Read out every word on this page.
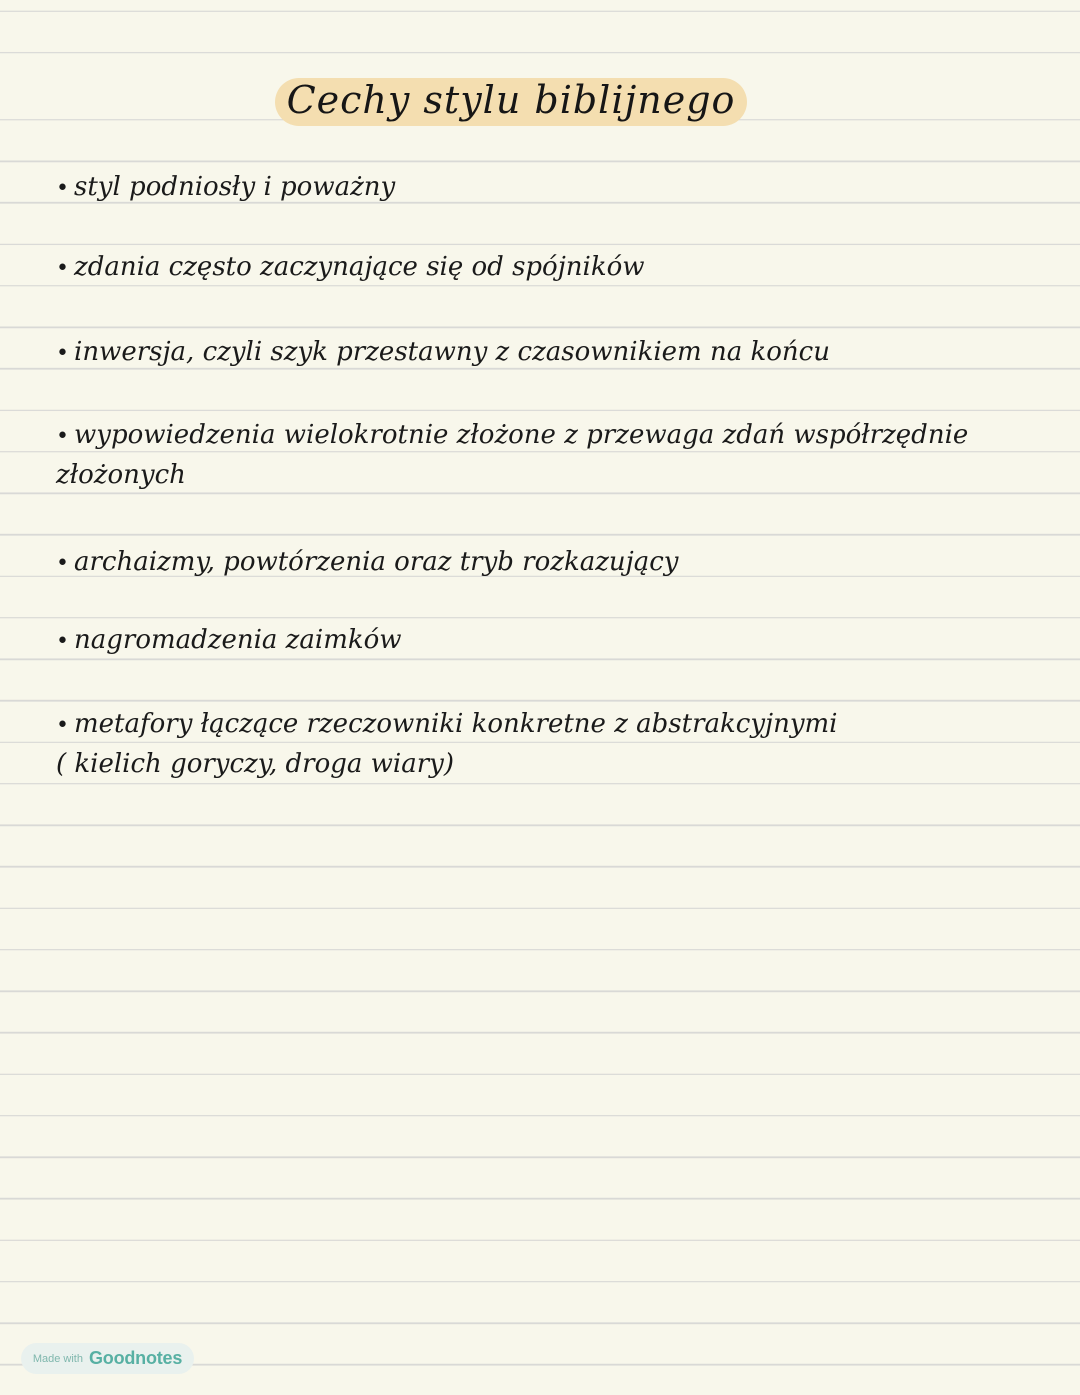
Cechy stylu biblijnego
• styl podniosły i poważny
• zdania często zaczynające się od spójników
• inwersja, czyli szyk przestawny z czasownikiem na końcu
• wypowiedzenia wielokrotnie złożone z przewaga zdań współrzędnie
złożonych
• archaizmy, powtórzenia oraz tryb rozkazujący
• nagromadzenia zaimków
• metafory łączące rzeczowniki konkretne z abstrakcyjnymi
( kielich goryczy, droga wiary)
Made with Goodnotes
